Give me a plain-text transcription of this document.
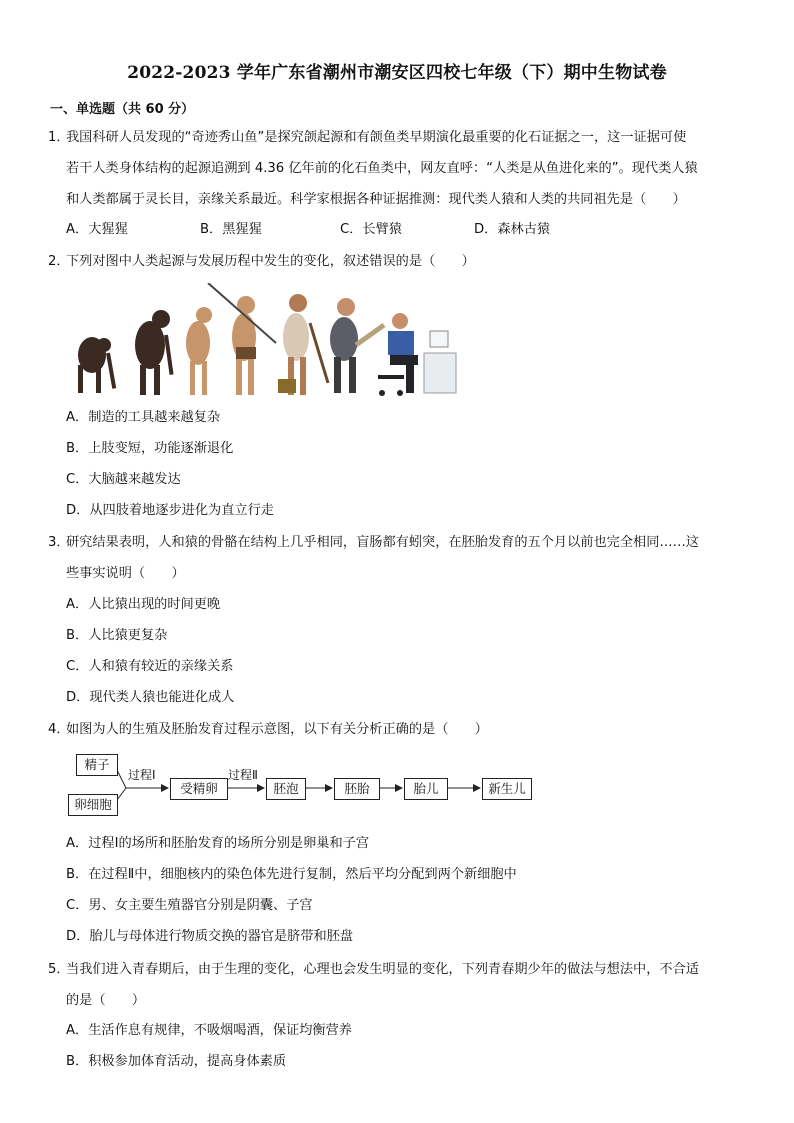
2022-2023 学年广东省潮州市潮安区四校七年级（下）期中生物试卷
一、单选题（共 60 分）
1．我国科研人员发现的“奇迹秀山鱼”是探究颌起源和有颌鱼类早期演化最重要的化石证据之一，这一证据可使
若干人类身体结构的起源追溯到 4.36 亿年前的化石鱼类中，网友直呼：“人类是从鱼进化来的”。现代类人猿
和人类都属于灵长目，亲缘关系最近。科学家根据各种证据推测：现代类人猿和人类的共同祖先是（　　）
A．大猩猩	B．黑猩猩	C．长臂猿	D．森林古猿
2．下列对图中人类起源与发展历程中发生的变化，叙述错误的是（　　）
A．制造的工具越来越复杂
B．上肢变短，功能逐渐退化
C．大脑越来越发达
D．从四肢着地逐步进化为直立行走
3．研究结果表明，人和猿的骨骼在结构上几乎相同，盲肠都有蚓突，在胚胎发育的五个月以前也完全相同……这
些事实说明（　　）
A．人比猿出现的时间更晚
B．人比猿更复杂
C．人和猿有较近的亲缘关系
D．现代类人猿也能进化成人
4．如图为人的生殖及胚胎发育过程示意图，以下有关分析正确的是（　　）
精子
卵细胞
过程Ⅰ
受精卵
过程Ⅱ
胚泡	胚胎	胎儿	新生儿
A．过程Ⅰ的场所和胚胎发育的场所分别是卵巢和子宫
B．在过程Ⅱ中，细胞核内的染色体先进行复制，然后平均分配到两个新细胞中
C．男、女主要生殖器官分别是阴囊、子宫
D．胎儿与母体进行物质交换的器官是脐带和胚盘
5．当我们进入青春期后，由于生理的变化，心理也会发生明显的变化，下列青春期少年的做法与想法中，不合适
的是（　　）
A．生活作息有规律，不吸烟喝酒，保证均衡营养
B．积极参加体育活动，提高身体素质
